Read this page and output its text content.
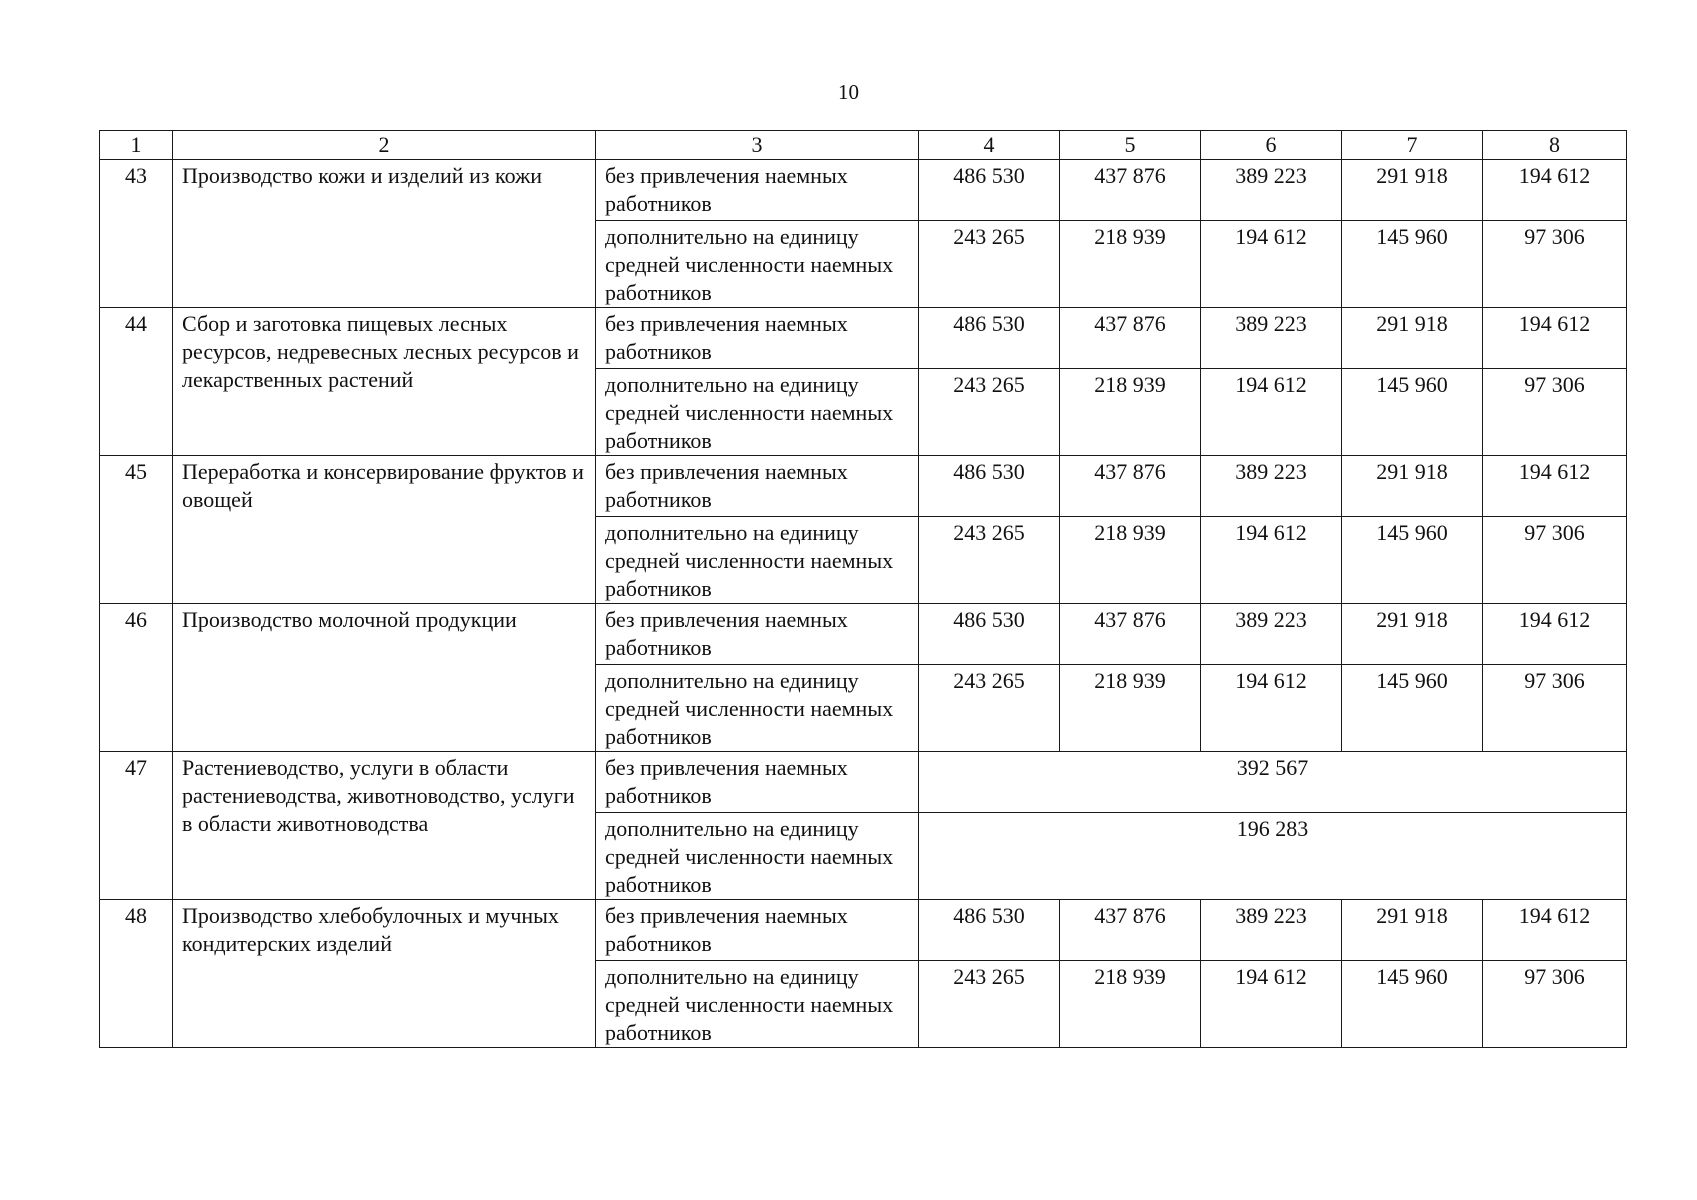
10
1	2	3	4	5	6	7	8
43	Производство кожи и изделий из кожи	без привлечения наемных работников	486 530	437 876	389 223	291 918	194 612
		дополнительно на единицу средней численности наемных работников	243 265	218 939	194 612	145 960	97 306
44	Сбор и заготовка пищевых лесных ресурсов, недревесных лесных ресурсов и лекарственных растений	без привлечения наемных работников	486 530	437 876	389 223	291 918	194 612
		дополнительно на единицу средней численности наемных работников	243 265	218 939	194 612	145 960	97 306
45	Переработка и консервирование фруктов и овощей	без привлечения наемных работников	486 530	437 876	389 223	291 918	194 612
		дополнительно на единицу средней численности наемных работников	243 265	218 939	194 612	145 960	97 306
46	Производство молочной продукции	без привлечения наемных работников	486 530	437 876	389 223	291 918	194 612
		дополнительно на единицу средней численности наемных работников	243 265	218 939	194 612	145 960	97 306
47	Растениеводство, услуги в области растениеводства, животноводство, услуги в области животноводства	без привлечения наемных работников	392 567				
		дополнительно на единицу средней численности наемных работников	196 283				
48	Производство хлебобулочных и мучных кондитерских изделий	без привлечения наемных работников	486 530	437 876	389 223	291 918	194 612
		дополнительно на единицу средней численности наемных работников	243 265	218 939	194 612	145 960	97 306
